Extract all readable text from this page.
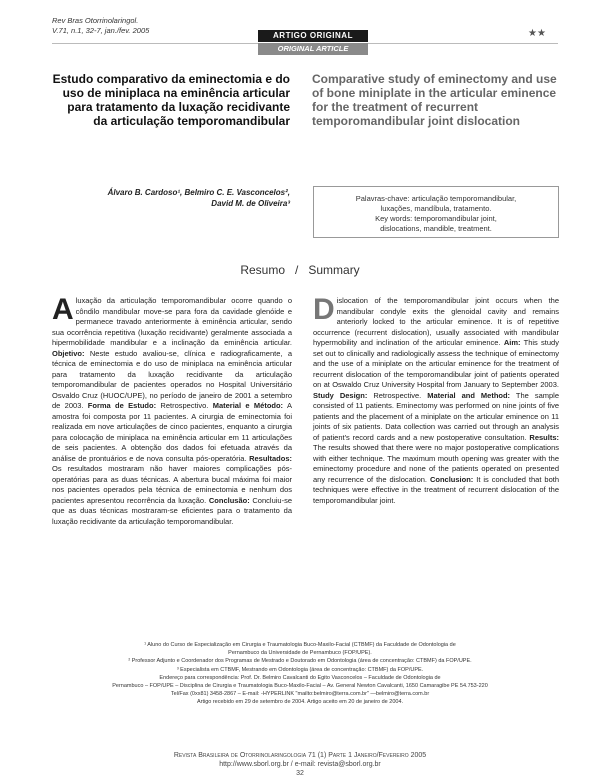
Rev Bras Otorrinolaringol.
V.71, n.1, 32-7, jan./fev. 2005
ARTIGO ORIGINAL
ORIGINAL ARTICLE
★★
Estudo comparativo da eminectomia e do uso de miniplaca na eminência articular para tratamento da luxação recidivante da articulação temporomandibular
Comparative study of eminectomy and use of bone miniplate in the articular eminence for the treatment of recurrent temporomandibular joint dislocation
Álvaro B. Cardoso¹, Belmiro C. E. Vasconcelos²,
David M. de Oliveira³
Palavras-chave: articulação temporomandibular,
luxações, mandíbula, tratamento.
Key words: temporomandibular joint,
dislocations, mandible, treatment.
Resumo / Summary
A luxação da articulação temporomandibular ocorre quando o côndilo mandibular move-se para fora da cavidade glenóide e permanece travado anteriormente à eminência articular, sendo sua ocorrência repetitiva (luxação recidivante) geralmente associada a hipermobilidade mandibular e a inclinação da eminência articular. Objetivo: Neste estudo avaliou-se, clínica e radiograficamente, a técnica de eminectomia e do uso de miniplaca na eminência articular para tratamento da luxação recidivante da articulação temporomandibular de pacientes operados no Hospital Universitário Osvaldo Cruz (HUOC/UPE), no período de janeiro de 2001 a setembro de 2003. Forma de Estudo: Retrospectivo. Material e Método: A amostra foi composta por 11 pacientes. A cirurgia de eminectomia foi realizada em nove articulações de cinco pacientes, enquanto a cirurgia para colocação de miniplaca na eminência articular em 11 articulações de seis pacientes. A obtenção dos dados foi efetuada através da análise de prontuários e de nova consulta pós-operatória. Resultados: Os resultados mostraram não haver maiores complicações pós-operatórias para as duas técnicas. A abertura bucal máxima foi maior nos pacientes operados pela técnica de eminectomia e nenhum dos pacientes apresentou recorrência da luxação. Conclusão: Concluiu-se que as duas técnicas mostraram-se eficientes para o tratamento da luxação recidivante da articulação temporomandibular.
Dislocation of the temporomandibular joint occurs when the mandibular condyle exits the glenoidal cavity and remains anteriorly locked to the articular eminence. It is of repetitive occurrence (recurrent dislocation), usually associated with mandibular hypermobility and inclination of the articular eminence. Aim: This study set out to clinically and radiologically assess the technique of eminectomy and the use of a miniplate on the articular eminence for the treatment of recurrent dislocation of the temporomandibular joint of patients operated on at Oswaldo Cruz University Hospital from January to September 2003. Study Design: Retrospective. Material and Method: The sample consisted of 11 patients. Eminectomy was performed on nine joints of five patients and the placement of a miniplate on the articular eminence on 11 joints of six patients. Data collection was carried out through an analysis of patient's record cards and a new postoperative consultation. Results: The results showed that there were no major postoperative complications with either technique. The maximum mouth opening was greater with the eminectomy procedure and none of the patients operated on presented any recurrence of the dislocation. Conclusion: It is concluded that both techniques were effective in the treatment of recurrent dislocation of the temporomandibular joint.
¹ Aluno do Curso de Especialização em Cirurgia e Traumatologia Buco-Maxilo-Facial (CTBMF) da Faculdade de Odontologia de
Pernambuco da Universidade de Pernambuco (FOP/UPE).
² Professor Adjunto e Coordenador dos Programas de Mestrado e Doutorado em Odontologia (área de concentração: CTBMF) da FOP/UPE.
³ Especialista em CTBMF, Mestrando em Odontologia (área de concentração: CTBMF) da FOP/UPE.
Endereço para correspondência: Prof. Dr. Belmiro Cavalcanti do Egito Vasconcelos – Faculdade de Odontologia de
Pernambuco – FOP/UPE – Disciplina de Cirurgia e Traumatologia Buco-Maxilo-Facial – Av. General Newton Cavalcanti, 1650 Camaragibe PE 54.753-220
Tel/Fax (0xx81) 3458-2867 – E-mail: -HYPERLINK "mailto:belmiro@terra.com.br" —belmiro@terra.com.br
Artigo recebido em 29 de setembro de 2004. Artigo aceito em 20 de janeiro de 2004.
Revista Brasileira de Otorrinolaringologia 71 (1) Parte 1 Janeiro/Fevereiro 2005
http://www.sborl.org.br / e-mail: revista@sborl.org.br
32
